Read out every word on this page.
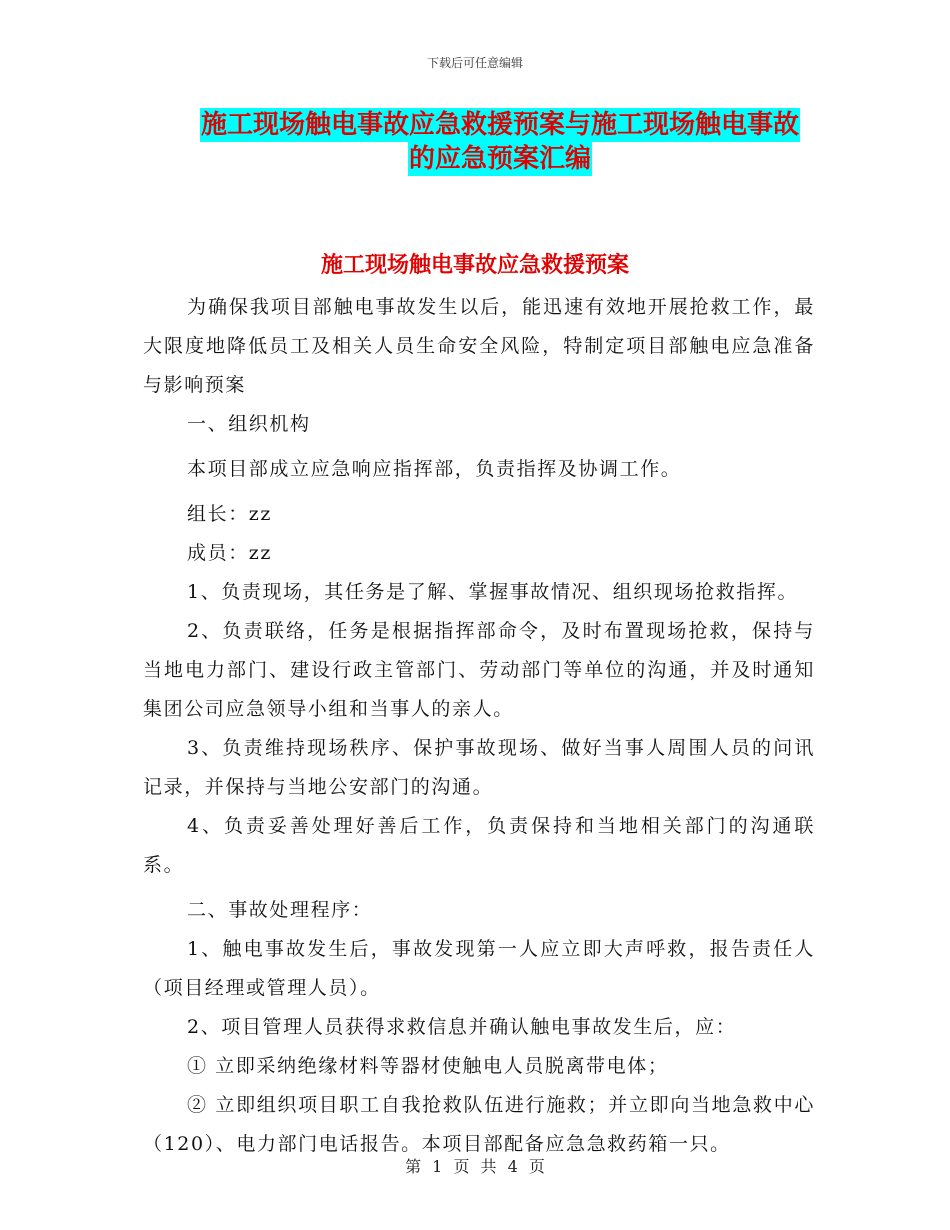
下载后可任意编辑
施工现场触电事故应急救援预案与施工现场触电事故
的应急预案汇编
施工现场触电事故应急救援预案

为确保我项目部触电事故发生以后，能迅速有效地开展抢救工作，最大限度地降低员工及相关人员生命安全风险，特制定项目部触电应急准备与影响预案

一、组织机构

本项目部成立应急响应指挥部，负责指挥及协调工作。

组长：zz

成员：zz

1、负责现场，其任务是了解、掌握事故情况、组织现场抢救指挥。

2、负责联络，任务是根据指挥部命令，及时布置现场抢救，保持与当地电力部门、建设行政主管部门、劳动部门等单位的沟通，并及时通知集团公司应急领导小组和当事人的亲人。

3、负责维持现场秩序、保护事故现场、做好当事人周围人员的问讯记录，并保持与当地公安部门的沟通。

4、负责妥善处理好善后工作，负责保持和当地相关部门的沟通联系。

二、事故处理程序：

1、触电事故发生后，事故发现第一人应立即大声呼救，报告责任人（项目经理或管理人员）。

2、项目管理人员获得求救信息并确认触电事故发生后，应：

① 立即采纳绝缘材料等器材使触电人员脱离带电体；

② 立即组织项目职工自我抢救队伍进行施救；并立即向当地急救中心（120）、电力部门电话报告。本项目部配备应急急救药箱一只。

第 1 页 共 4 页
